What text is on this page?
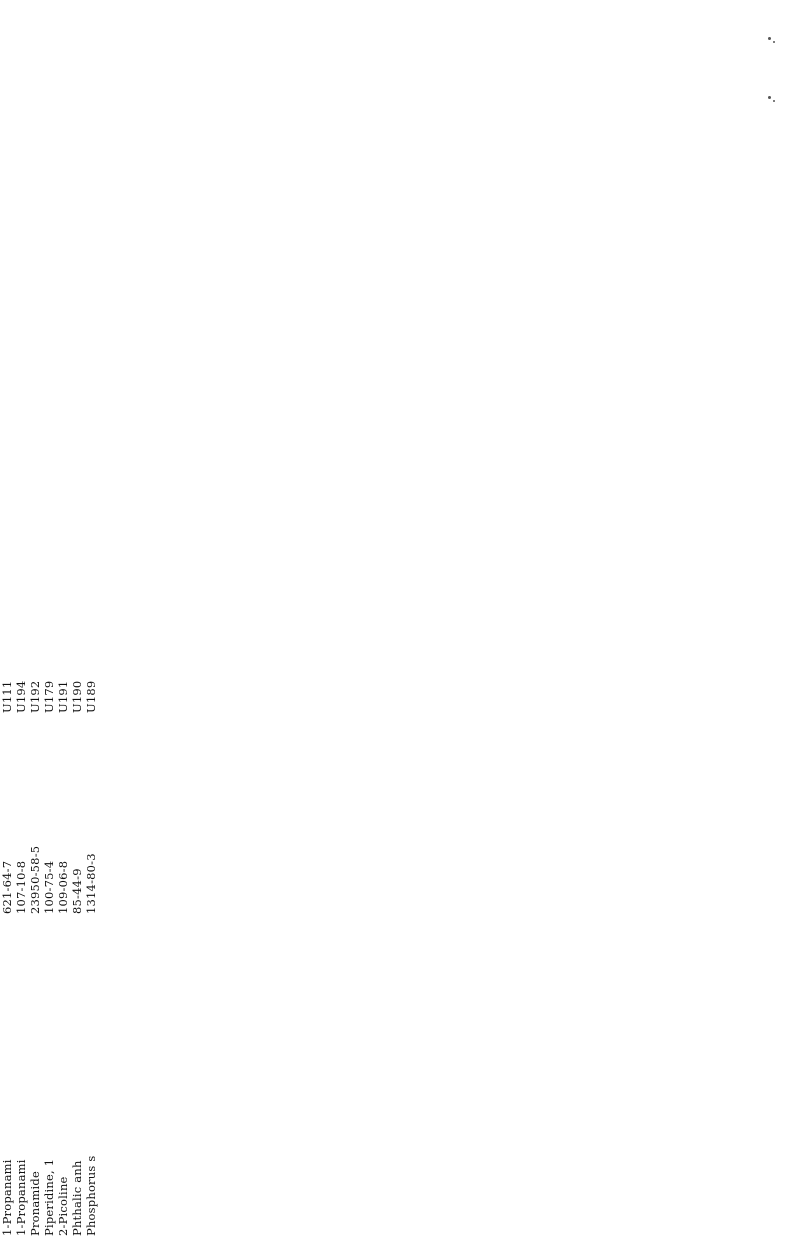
U189
U190
U191
U179
U192
U194
U111
1314-80-3
85-44-9
109-06-8
100-75-4
23950-58-5
107-10-8
621-64-7
Phosphorus s
Phthalic anh
2-Picoline
Piperidine, 1
Pronamide
1-Propanami
1-Propanami
